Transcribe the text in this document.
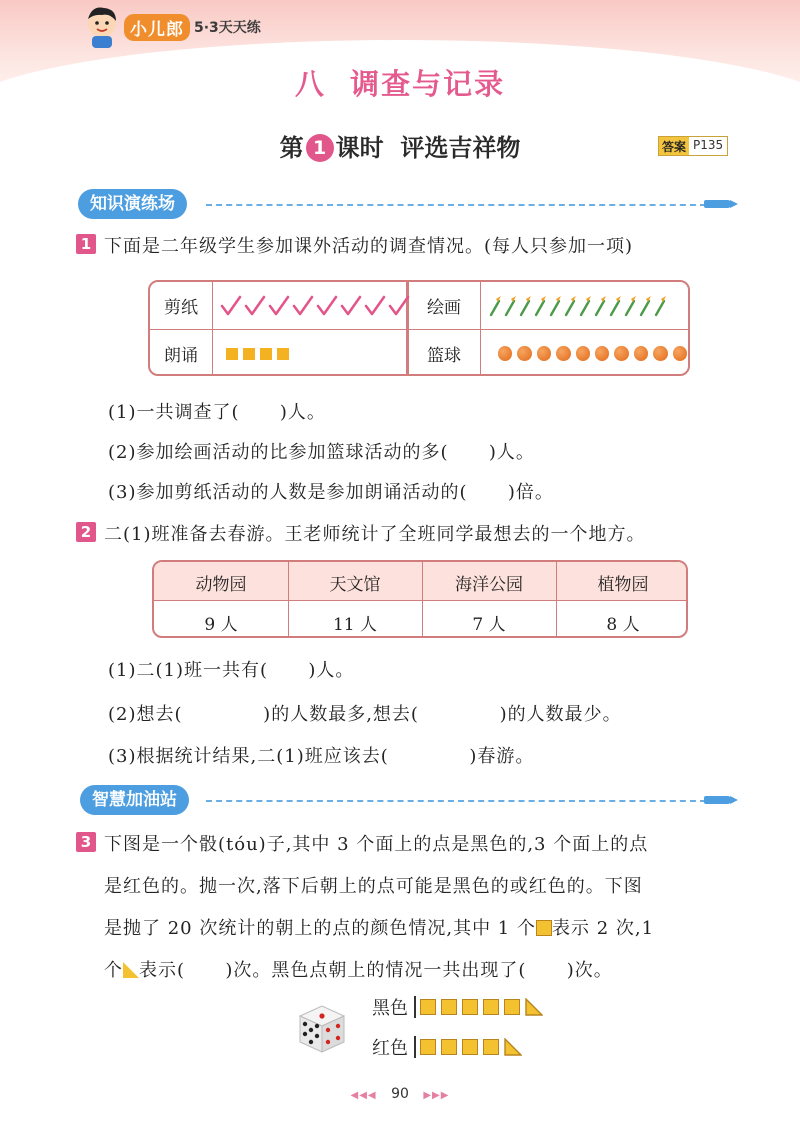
小儿郎 5·3天天练
八  调查与记录
第 1 课时  评选吉祥物	答案 P135
知识演练场
1 下面是二年级学生参加课外活动的调查情况。(每人只参加一项)
剪纸	绘画
朗诵	篮球
(1)一共调查了(      )人。
(2)参加绘画活动的比参加篮球活动的多(      )人。
(3)参加剪纸活动的人数是参加朗诵活动的(      )倍。
2 二(1)班准备去春游。王老师统计了全班同学最想去的一个地方。
动物园	天文馆	海洋公园	植物园
9 人	11 人	7 人	8 人
(1)二(1)班一共有(      )人。
(2)想去(            )的人数最多,想去(            )的人数最少。
(3)根据统计结果,二(1)班应该去(            )春游。
智慧加油站
3 下图是一个骰(tóu)子,其中 3 个面上的点是黑色的,3 个面上的点
是红色的。抛一次,落下后朝上的点可能是黑色的或红色的。下图
是抛了 20 次统计的朝上的点的颜色情况,其中 1 个 表示 2 次,1
个 表示(      )次。黑色点朝上的情况一共出现了(      )次。
黑色
红色
◀◀◀ 90 ▶▶▶
